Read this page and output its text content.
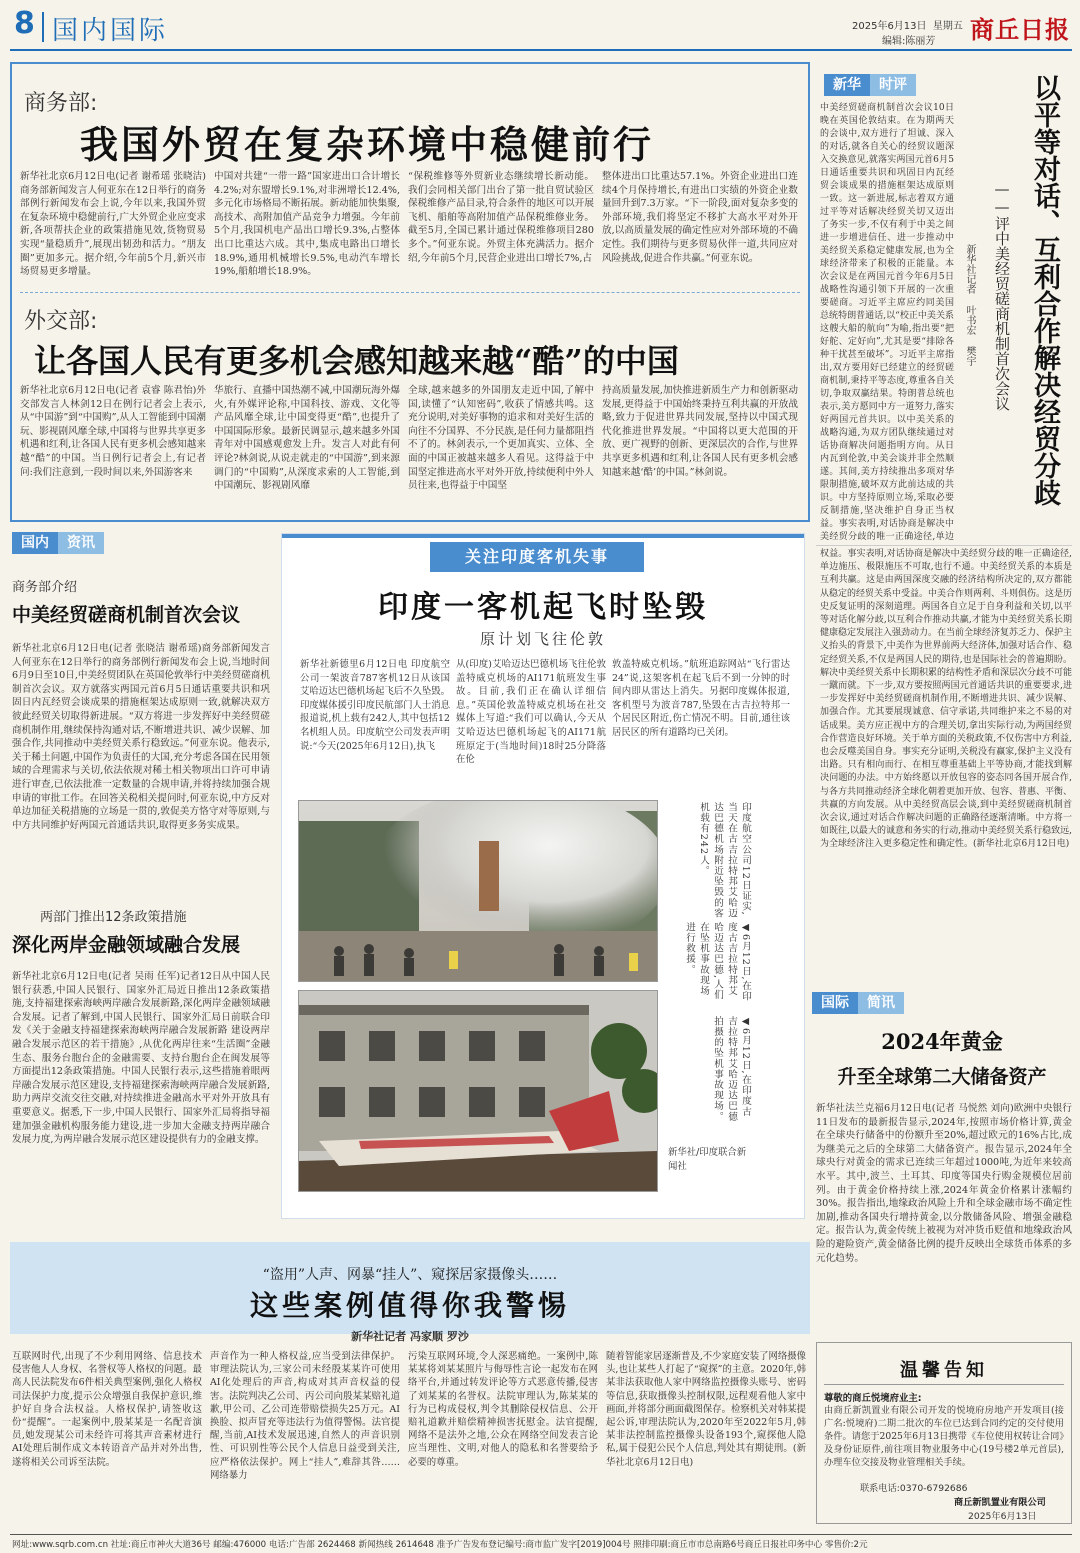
8 国内国际	2025年6月13日 星期五
编辑:陈丽芳 商丘日报
商务部:
我国外贸在复杂环境中稳健前行
新华社北京6月12日电(记者 谢希瑶 张晓洁)商务部新闻发言人何亚东在12日举行的商务部例行新闻发布会上说,今年以来,我国外贸在复杂环境中稳健前行,广大外贸企业应变求新,各项帮扶企业的政策措施见效,货物贸易实现“量稳质升”,展现出韧劲和活力。“朋友圈”更加多元。据介绍,今年前5个月,新兴市场贸易更多增量。
中国对共建“一带一路”国家进出口合计增长4.2%;对东盟增长9.1%,对非洲增长12.4%,多元化市场格局不断拓展。新动能加快集聚,高技术、高附加值产品竞争力增强。今年前5个月,我国机电产品出口增长9.3%,占整体出口比重达六成。其中,集成电路出口增长18.9%,通用机械增长9.5%,电动汽车增长19%,船舶增长18.9%。
“保税维修等外贸新业态继续增长新动能。我们会同相关部门出台了第一批自贸试验区保税维修产品目录,符合条件的地区可以开展飞机、船舶等高附加值产品保税维修业务。截至5月,全国已累计通过保税维修项目280多个。”何亚东说。外贸主体充满活力。据介绍,今年前5个月,民营企业进出口增长7%,占
整体进出口比重达57.1%。外资企业进出口连续4个月保持增长,有进出口实绩的外资企业数量回升到7.3万家。“下一阶段,面对复杂多变的外部环境,我们将坚定不移扩大高水平对外开放,以高质量发展的确定性应对外部环境的不确定性。我们期待与更多贸易伙伴一道,共同应对风险挑战,促进合作共赢。”何亚东说。
外交部:
让各国人民有更多机会感知越来越“酷”的中国
新华社北京6月12日电(记者 袁睿 陈君怡)外交部发言人林剑12日在例行记者会上表示,从“中国游”到“中国购”,从人工智能到中国潮玩、影视剧风靡全球,中国将与世界共享更多机遇和红利,让各国人民有更多机会感知越来越“酷”的中国。当日例行记者会上,有记者问:我们注意到,一段时间以来,外国游客来
华旅行、直播中国热潮不减,中国潮玩海外爆火,有外媒评论称,中国科技、游戏、文化等产品风靡全球,让中国变得更“酷”,也提升了中国国际形象。最新民调显示,越来越多外国青年对中国感观愈发上升。发言人对此有何评论?林剑说,从说走就走的“中国游”,到来源调门的“中国购”,从深度求索的人工智能,到中国潮玩、影视剧风靡
全球,越来越多的外国朋友走近中国,了解中国,读懂了“认知密码”,收获了情感共鸣。这充分说明,对美好事物的追求和对美好生活的向往不分国界、不分民族,是任何力量都阻挡不了的。林剑表示,一个更加真实、立体、全面的中国正被越来越多人看见。这得益于中国坚定推进高水平对外开放,持续便利中外人员往来,也得益于中国坚
持高质量发展,加快推进新质生产力和创新驱动发展,更得益于中国始终秉持互利共赢的开放战略,致力于促进世界共同发展,坚持以中国式现代化推进世界发展。“中国将以更大范围的开放、更广视野的创新、更深层次的合作,与世界共享更多机遇和红利,让各国人民有更多机会感知越来越‘酷’的中国。”林剑说。
新华	时评	以平等对话、互利合作解决经贸分歧
——评中美经贸磋商机制首次会议
新华社记者 叶书宏 樊宇
中美经贸磋商机制首次会议10日晚在英国伦敦结束。在为期两天的会谈中,双方进行了坦诚、深入的对话,就各自关心的经贸议题深入交换意见,就落实两国元首6月5日通话重要共识和巩固日内瓦经贸会谈成果的措施框架达成原则一致。这一新进展,标志着双方通过平等对话解决经贸关切又迈出了务实一步,不仅有利于中美之间进一步增进信任、进一步推动中美经贸关系稳定健康发展,也为全球经济带来了积极的正能量。本次会议是在两国元首今年6月5日战略性沟通引领下开展的一次重要磋商。习近平主席应约同美国总统特朗普通话,以“校正中美关系这艘大船的航向”为喻,指出要“把好舵、定好向”,尤其是要“排除各种干扰甚至破坏”。习近平主席指出,双方要用好已经建立的经贸磋商机制,秉持平等态度,尊重各自关切,争取双赢结果。特朗普总统也表示,美方愿同中方一道努力,落实好两国元首共识。以中美关系的战略沟通,为双方团队继续通过对话协商解决问题指明方向。从日内瓦到伦敦,中美会谈并非全然顺遂。其间,美方持续推出多项对华限制措施,破坏双方此前达成的共识。中方坚持原则立场,采取必要反制措施,坚决维护自身正当权益。事实表明,对话协商是解决中美经贸分歧的唯一正确途径,单边
权益。事实表明,对话协商是解决中美经贸分歧的唯一正确途径,单边施压、极限施压不可取,也行不通。中美经贸关系的本质是互利共赢。这是由两国深度交融的经济结构所决定的,双方都能从稳定的经贸关系中受益。中美合作则两利、斗则俱伤。这是历史反复证明的深刻道理。两国各自立足于自身利益和关切,以平等对话化解分歧,以互利合作推动共赢,才能为中美经贸关系长期健康稳定发展注入强劲动力。在当前全球经济复苏乏力、保护主义抬头的背景下,中美作为世界前两大经济体,加强对话合作、稳定经贸关系,不仅是两国人民的期待,也是国际社会的普遍期盼。解决中美经贸关系中长期积累的结构性矛盾和深层次分歧不可能一蹴而就。下一步,双方要按照两国元首通话共识的重要要求,进一步发挥好中美经贸磋商机制作用,不断增进共识、减少误解、加强合作。尤其要展现诚意、信守承诺,共同维护来之不易的对话成果。美方应正视中方的合理关切,拿出实际行动,为两国经贸合作营造良好环境。关于单方面的关税政策,不仅伤害中方利益,也会反噬美国自身。事实充分证明,关税没有赢家,保护主义没有出路。只有相向而行、在相互尊重基础上平等协商,才能找到解决问题的办法。中方始终愿以开放包容的姿态同各国开展合作,与各方共同推动经济全球化朝着更加开放、包容、普惠、平衡、共赢的方向发展。从中美经贸高层会谈,到中美经贸磋商机制首次会议,通过对话合作解决问题的正确路径逐渐清晰。中方将一如既往,以最大的诚意和务实的行动,推动中美经贸关系行稳致远,为全球经济注入更多稳定性和确定性。(新华社北京6月12日电)
国际	简讯
2024年黄金
升至全球第二大储备资产
新华社法兰克福6月12日电(记者 马悦然 刘向)欧洲中央银行11日发布的最新报告显示,2024年,按照市场价格计算,黄金在全球央行储备中的份额升至20%,超过欧元的16%占比,成为继美元之后的全球第二大储备资产。报告显示,2024年全球央行对黄金的需求已连续三年超过1000吨,为近年来较高水平。其中,波兰、土耳其、印度等国央行购金规模位居前列。由于黄金价格持续上涨,2024年黄金价格累计涨幅约30%。报告指出,地缘政治风险上升和全球金融市场不确定性加剧,推动各国央行增持黄金,以分散储备风险、增强金融稳定。报告认为,黄金传统上被视为对冲货币贬值和地缘政治风险的避险资产,黄金储备比例的提升反映出全球货币体系的多元化趋势。
温馨告知
尊敬的商丘悦境府业主:
由商丘新凯置业有限公司开发的悦境府房地产开发项目(接广名:悦境府)二期二批次的车位已达到合同约定的交付使用条件。请您于2025年6月13日携带《车位使用权转让合同》及身份证原件,前往项目物业服务中心(19号楼2单元首层),办理车位交接及物业管理相关手续。
联系电话:0370-6792686
商丘新凯置业有限公司
2025年6月13日
国内	资讯
商务部介绍
中美经贸磋商机制首次会议
新华社北京6月12日电(记者 张晓洁 谢希瑶)商务部新闻发言人何亚东在12日举行的商务部例行新闻发布会上说,当地时间6月9日至10日,中美经贸团队在英国伦敦举行中美经贸磋商机制首次会议。双方就落实两国元首6月5日通话重要共识和巩固日内瓦经贸会谈成果的措施框架达成原则一致,就解决双方彼此经贸关切取得新进展。“双方将进一步发挥好中美经贸磋商机制作用,继续保持沟通对话,不断增进共识、减少误解、加强合作,共同推动中美经贸关系行稳致远。”何亚东说。他表示,关于稀土问题,中国作为负责任的大国,充分考虑各国在民用领域的合理需求与关切,依法依规对稀土相关物项出口许可申请进行审查,已依法批准一定数量的合规申请,并将持续加强合规申请的审批工作。在回答关税相关提问时,何亚东说,中方反对单边加征关税措施的立场是一贯的,敦促美方恪守对等原则,与中方共同维护好两国元首通话共识,取得更多务实成果。
两部门推出12条政策措施
深化两岸金融领域融合发展
新华社北京6月12日电(记者 吴雨 任军)记者12日从中国人民银行获悉,中国人民银行、国家外汇局近日推出12条政策措施,支持福建探索海峡两岸融合发展新路,深化两岸金融领域融合发展。记者了解到,中国人民银行、国家外汇局日前联合印发《关于金融支持福建探索海峡两岸融合发展新路 建设两岸融合发展示范区的若干措施》,从优化两岸往来“生活圈”金融生态、服务台胞台企的金融需要、支持台胞台企在闽发展等方面提出12条政策措施。中国人民银行表示,这些措施着眼两岸融合发展示范区建设,支持福建探索海峡两岸融合发展新路,助力两岸交流交往交融,对持续推进金融高水平对外开放具有重要意义。据悉,下一步,中国人民银行、国家外汇局将指导福建加强金融机构服务能力建设,进一步加大金融支持两岸融合发展力度,为两岸融合发展示范区建设提供有力的金融支撑。
关注印度客机失事
印度一客机起飞时坠毁
原计划飞往伦敦
新华社新德里6月12日电 印度航空公司一架波音787客机12日从该国艾哈迈达巴德机场起飞后不久坠毁。印度媒体援引印度民航部门人士消息报道说,机上载有242人,其中包括12名机组人员。印度航空公司发表声明说:“今天(2025年6月12日),执飞
从(印度)艾哈迈达巴德机场飞往伦敦盖特威克机场的AI171航班发生事故。目前,我们正在确认详细信息。”英国伦敦盖特威克机场在社交媒体上写道:“我们可以确认,今天从艾哈迈达巴德机场起飞的AI171航班原定于(当地时间)18时25分降落在伦
敦盖特威克机场。”航班追踪网站“飞行雷达24”说,这架客机在起飞后不到一分钟的时间内即从雷达上消失。另据印度媒体报道,客机型号为波音787,坠毁在古吉拉特邦一个居民区附近,伤亡情况不明。目前,通往该居民区的所有道路均已关闭。
印度航空公司12日证实,当天在古吉拉特邦艾哈迈达巴德机场附近坠毁的客机载有242人。
◀6月12日,在印度古吉拉特邦艾哈迈达巴德,人们在坠机事故现场进行救援。
◀6月12日,在印度古吉拉特邦艾哈迈达巴德拍摄的坠机事故现场。
新华社/印度联合新闻社
“盗用”人声、网暴“挂人”、窥探居家摄像头……
这些案例值得你我警惕
新华社记者 冯家顺 罗沙
互联网时代,出现了不少利用网络、信息技术侵害他人人身权、名誉权等人格权的问题。最高人民法院发布6件相关典型案例,强化人格权司法保护力度,提示公众增强自我保护意识,维护好自身合法权益。人格权保护,请签收这份“提醒”。一起案例中,殷某某是一名配音演员,她发现某公司未经许可将其声音素材进行AI处理后制作成文本转语音产品并对外出售,遂将相关公司诉至法院。
声音作为一种人格权益,应当受到法律保护。审理法院认为,三家公司未经殷某某许可使用AI化处理后的声音,构成对其声音权益的侵害。法院判决乙公司、丙公司向殷某某赔礼道歉,甲公司、乙公司连带赔偿损失25万元。AI换脸、拟声冒充等违法行为值得警惕。法官提醒,当前,AI技术发展迅速,自然人的声音识别性、可识别性等公民个人信息日益受到关注,应严格依法保护。网上“挂人”,难辞其咎……网络暴力
污染互联网环境,令人深恶痛绝。一案例中,陈某某将刘某某照片与侮辱性言论一起发布在网络平台,并通过转发评论等方式恶意传播,侵害了刘某某的名誉权。法院审理认为,陈某某的行为已构成侵权,判令其删除侵权信息、公开赔礼道歉并赔偿精神损害抚慰金。法官提醒,网络不是法外之地,公众在网络空间发表言论应当理性、文明,对他人的隐私和名誉要给予必要的尊重。
随着智能家居逐渐普及,不少家庭安装了网络摄像头,也让某些人打起了“窥探”的主意。2020年,韩某非法获取他人家中网络监控摄像头账号、密码等信息,获取摄像头控制权限,远程观看他人家中画面,并将部分画面截图保存。检察机关对韩某提起公诉,审理法院认为,2020年至2022年5月,韩某非法控制监控摄像头设备193个,窥探他人隐私,属于侵犯公民个人信息,判处其有期徒刑。(新华社北京6月12日电)
网址:www.sqrb.com.cn 社址:商丘市神火大道36号 邮编:476000 电话:广告部 2624468 新闻热线 2614648 准予广告发布登记编号:商市监广发字[2019]004号 照排印刷:商丘市市总南路6号商丘日报社印务中心 零售价:2元
